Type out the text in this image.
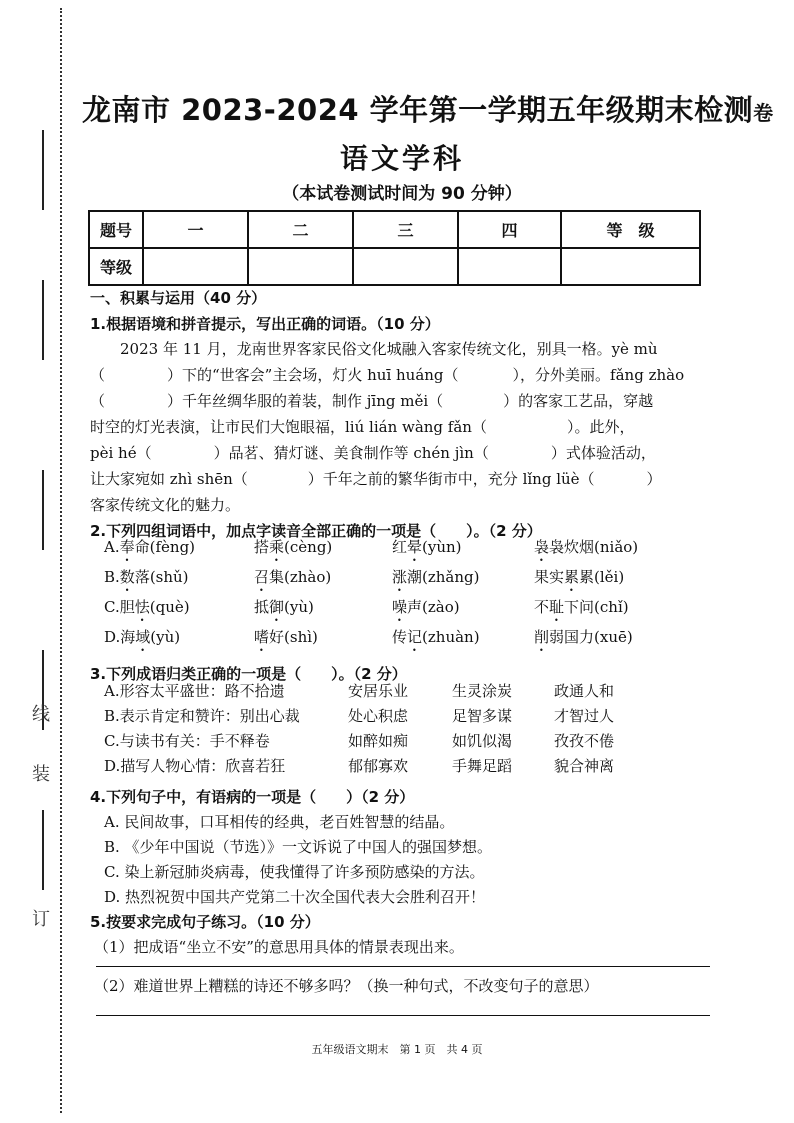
线
装
订
龙南市 2023-2024 学年第一学期五年级期末检测卷
语文学科
（本试卷测试时间为 90 分钟）
题号	一	二	三	四	等　级
等级					
一、积累与运用（40 分）
1.根据语境和拼音提示，写出正确的词语。（10 分）
2023 年 11 月，龙南世界客家民俗文化城融入客家传统文化，别具一格。yè mù
（	）下的“世客会”主会场，灯火 huī huáng（	），分外美丽。fǎng zhào
（	）千年丝绸华服的着装，制作 jīng měi（	）的客家工艺品，穿越
时空的灯光表演，让市民们大饱眼福，liú lián wàng fǎn（	）。此外，
pèi hé（	）品茗、猜灯谜、美食制作等 chén jìn（	）式体验活动，
让大家宛如 zhì shēn（	）千年之前的繁华街市中，充分 lǐng lüè（	）
客家传统文化的魅力。
2.下列四组词语中，加点字读音全部正确的一项是（　　）。（2 分）
A.奉命(fèng)	搭乘(cèng)	红晕(yùn)	袅袅炊烟(niǎo)
B.数落(shǔ)	召集(zhào)	涨潮(zhǎng)	果实累累(lěi)
C.胆怯(què)	抵御(yù)	噪声(zào)	不耻下问(chǐ)
D.海域(yù)	嗜好(shì)	传记(zhuàn)	削弱国力(xuē)
3.下列成语归类正确的一项是（　　）。（2 分）
A.形容太平盛世：路不拾遗	安居乐业	生灵涂炭	政通人和
B.表示肯定和赞许：别出心裁	处心积虑	足智多谋	才智过人
C.与读书有关：手不释卷	如醉如痴	如饥似渴	孜孜不倦
D.描写人物心情：欣喜若狂	郁郁寡欢	手舞足蹈	貌合神离
4.下列句子中，有语病的一项是（　　）（2 分）
A. 民间故事，口耳相传的经典，老百姓智慧的结晶。
B. 《少年中国说（节选）》一文诉说了中国人的强国梦想。
C. 染上新冠肺炎病毒，使我懂得了许多预防感染的方法。
D. 热烈祝贺中国共产党第二十次全国代表大会胜利召开！
5.按要求完成句子练习。（10 分）
（1）把成语“坐立不安”的意思用具体的情景表现出来。
（2）难道世界上糟糕的诗还不够多吗？（换一种句式，不改变句子的意思）
五年级语文期末　第 1 页　共 4 页
